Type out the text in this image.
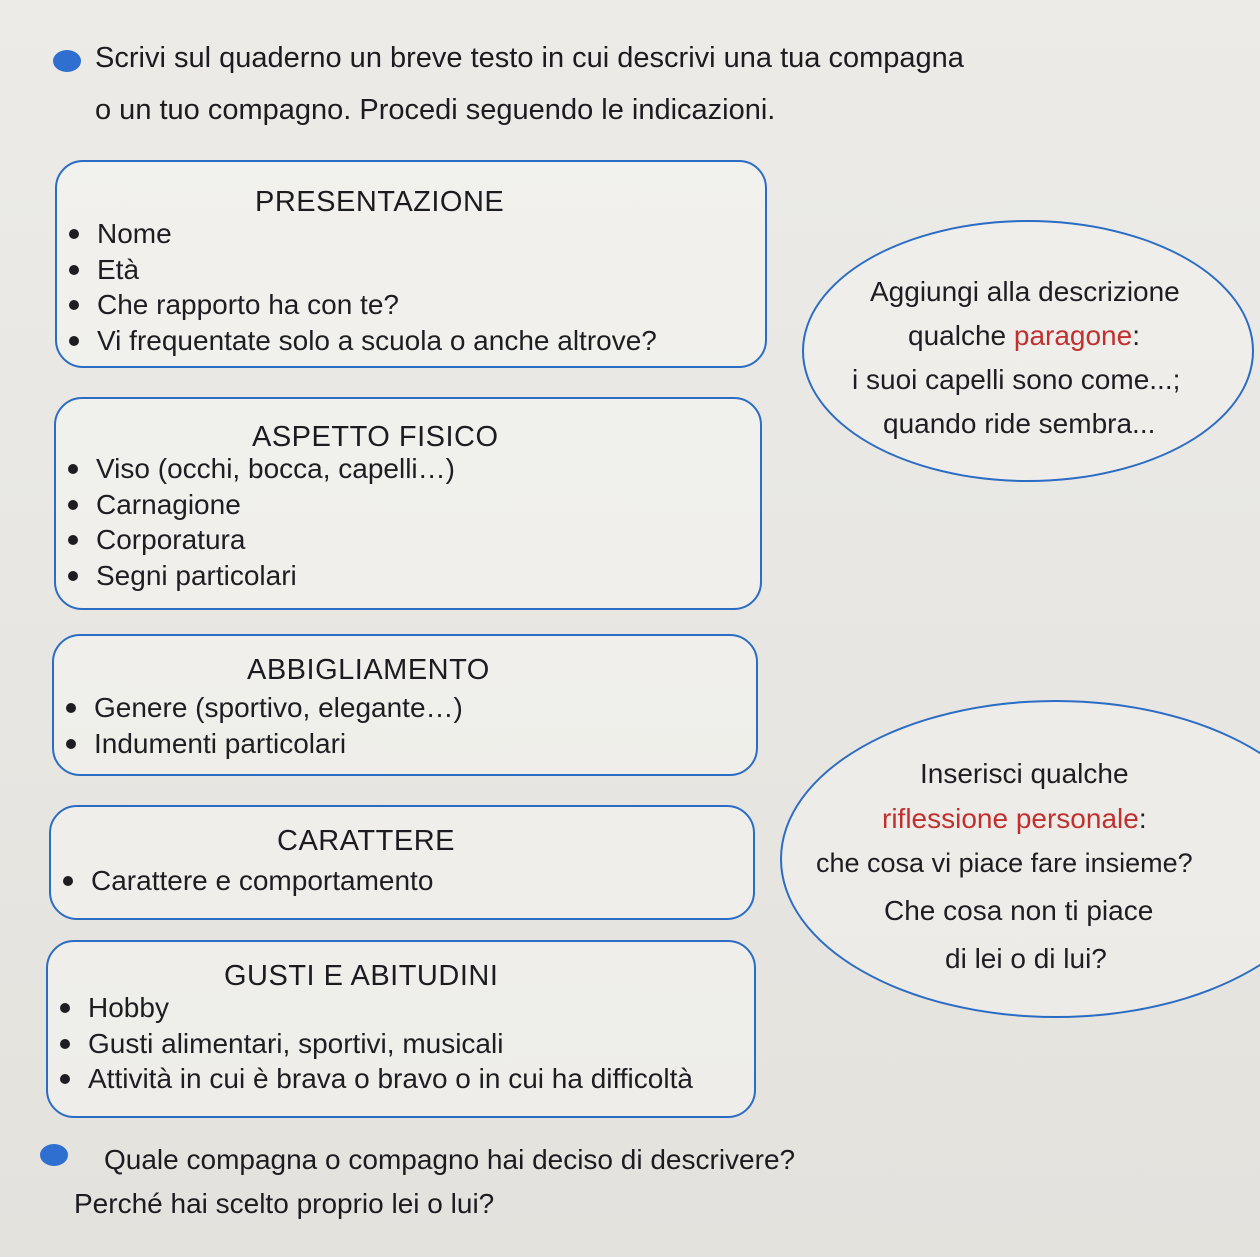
Scrivi sul quaderno un breve testo in cui descrivi una tua compagna
o un tuo compagno. Procedi seguendo le indicazioni.
PRESENTAZIONE
Nome
Età
Che rapporto ha con te?
Vi frequentate solo a scuola o anche altrove?
ASPETTO FISICO
Viso (occhi, bocca, capelli…)
Carnagione
Corporatura
Segni particolari
ABBIGLIAMENTO
Genere (sportivo, elegante…)
Indumenti particolari
CARATTERE
Carattere e comportamento
GUSTI E ABITUDINI
Hobby
Gusti alimentari, sportivi, musicali
Attività in cui è brava o bravo o in cui ha difficoltà
Aggiungi alla descrizione
qualche paragone:
i suoi capelli sono come...;
quando ride sembra...
Inserisci qualche
riflessione personale:
che cosa vi piace fare insieme?
Che cosa non ti piace
di lei o di lui?
Quale compagna o compagno hai deciso di descrivere?
Perché hai scelto proprio lei o lui?
